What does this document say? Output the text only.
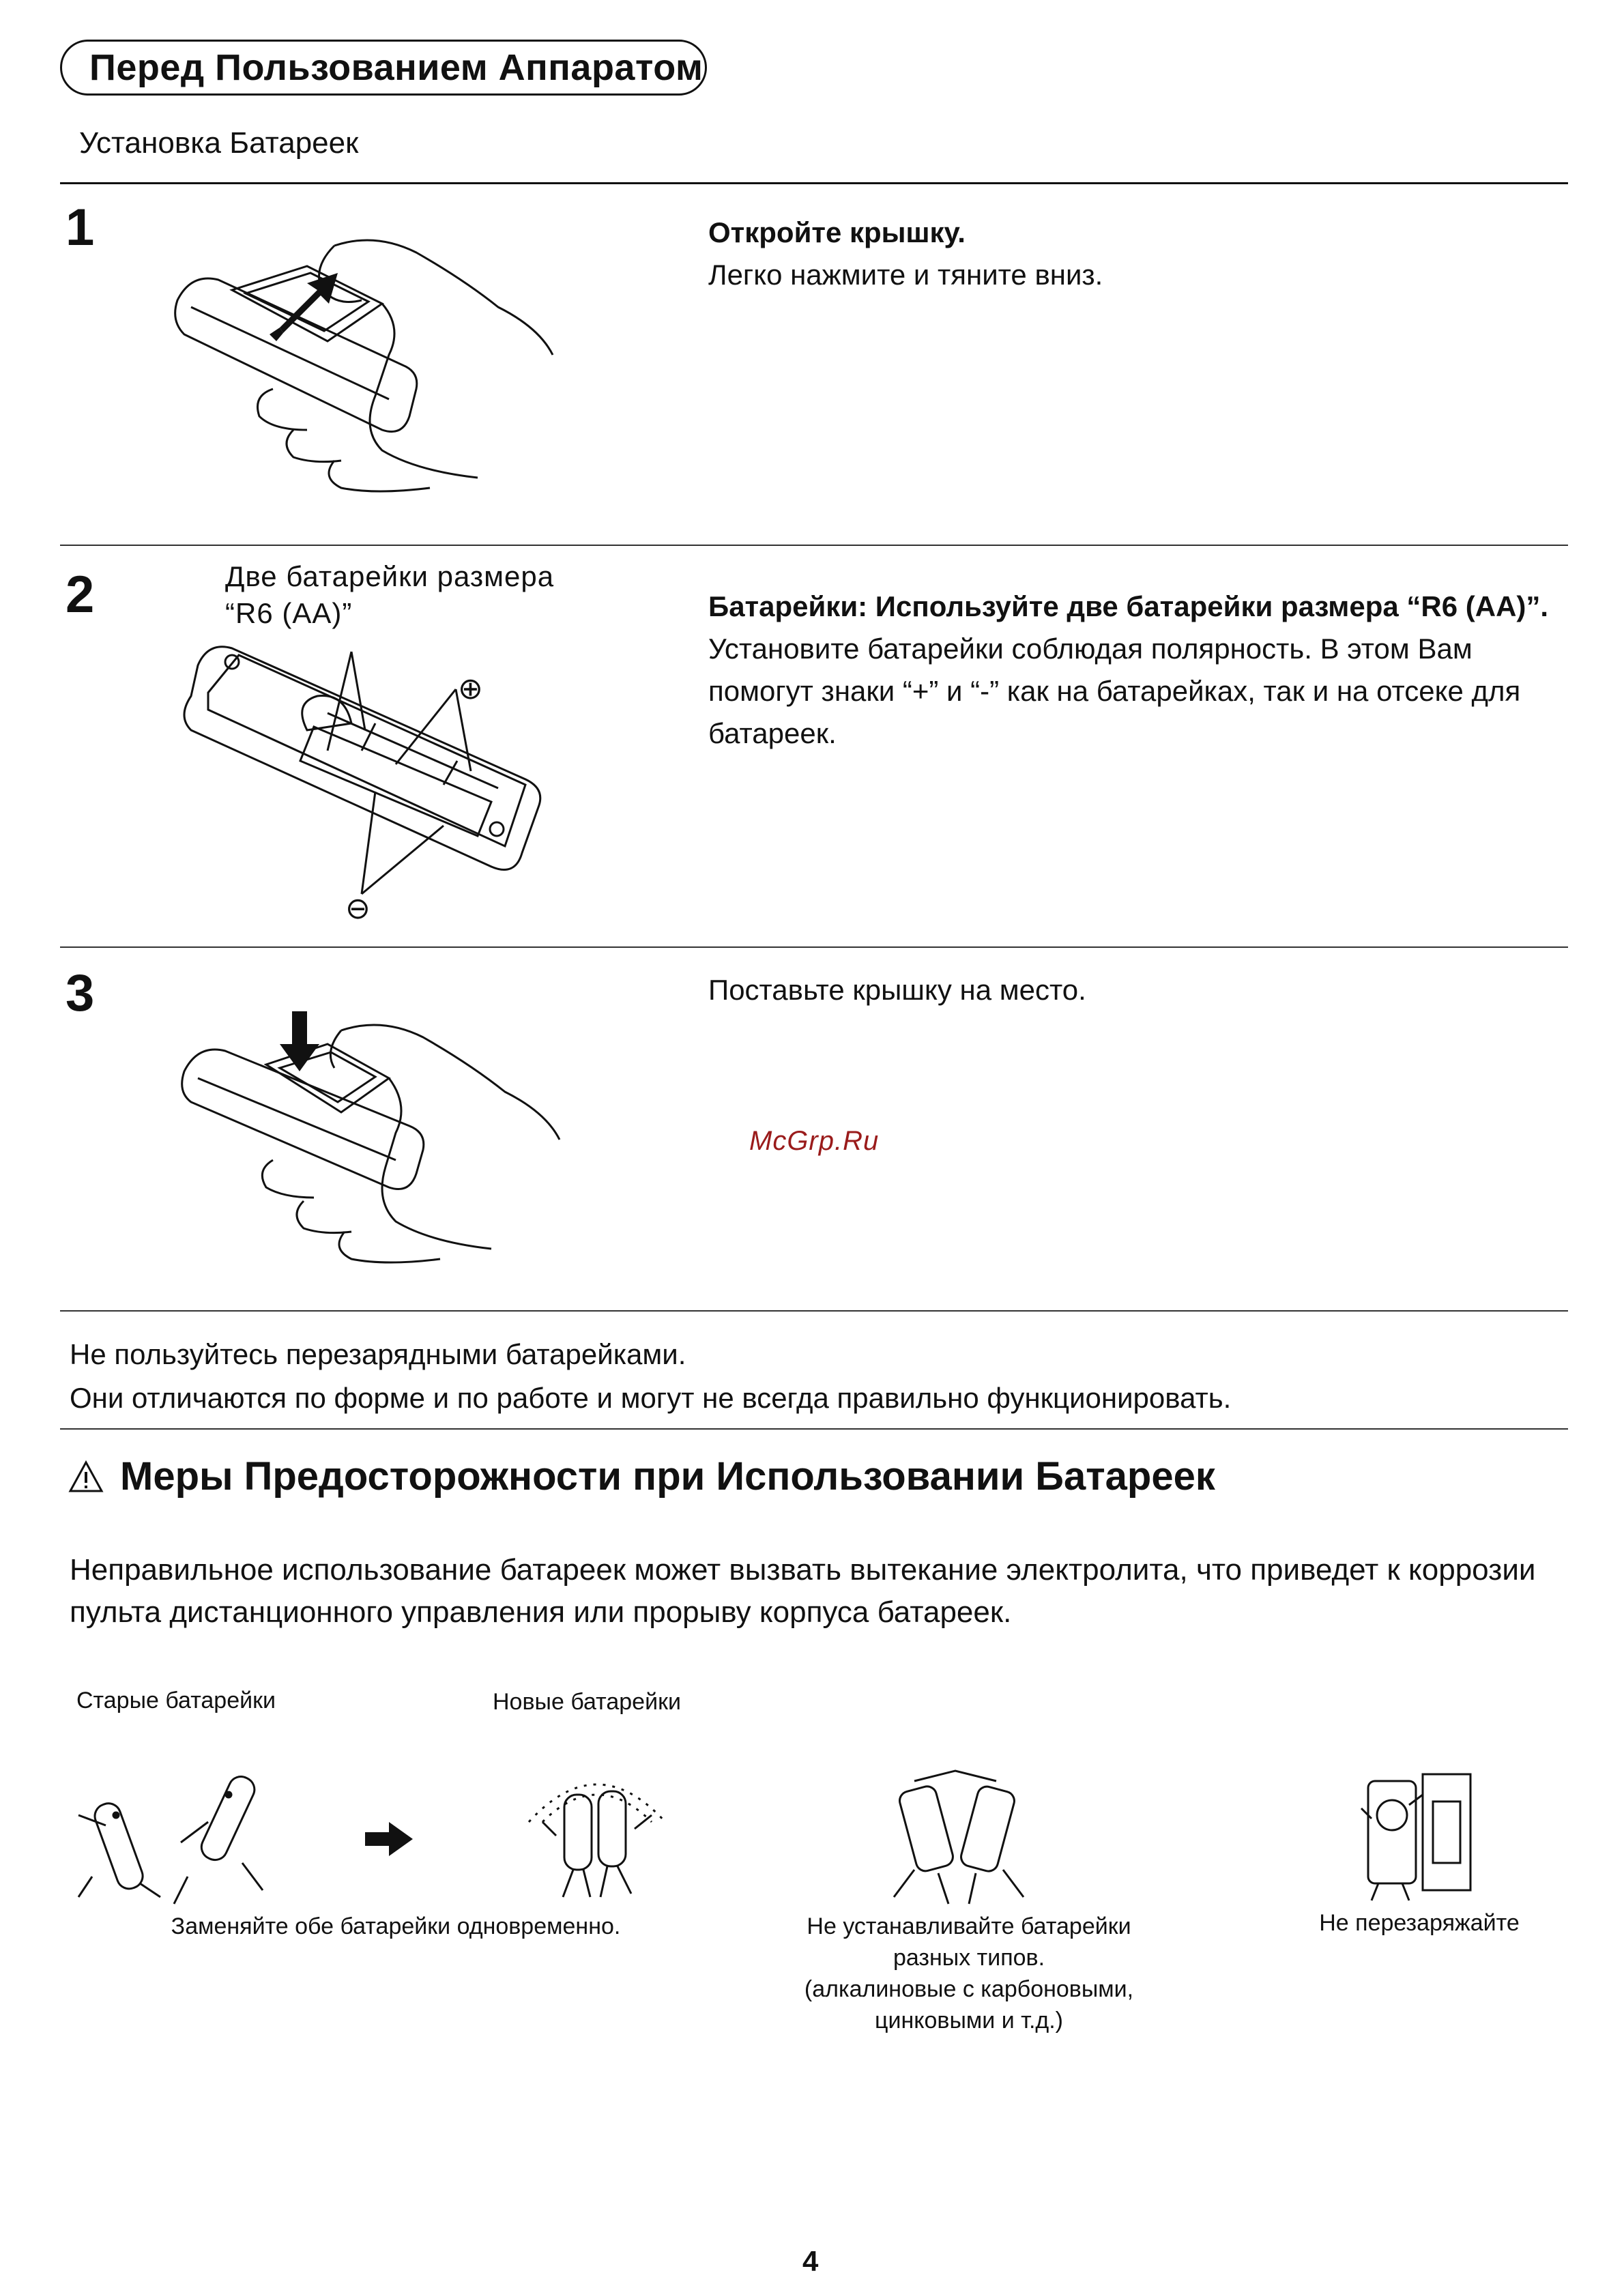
Перед Пользованием Аппаратом
Установка Батареек
1	Откройте крышку.
Легко нажмите и тяните вниз.
2	Две батарейки размера
“R6 (AA)”
⊕
⊖
Батарейки: Используйте две батарейки размера “R6 (AA)”.
Установите батарейки соблюдая полярность. В этом Вам помогут знаки “+” и “-” как на батарейках, так и на отсеке для батареек.
3	Поставьте крышку на место.
McGrp.Ru
Не пользуйтесь перезарядными батарейками.
Они отличаются по форме и по работе и могут не всегда правильно функционировать.
Меры Предосторожности при Использовании Батареек
Неправильное использование батареек может вызвать вытекание электролита, что приведет к коррозии пульта дистанционного управления или прорыву корпуса батареек.
Старые батарейки	Новые батарейки
Заменяйте обе батарейки одновременно.	Не устанавливайте батарейки
разных типов.
(алкалиновые с карбоновыми,
цинковыми и т.д.)
Не перезаряжайте
4
